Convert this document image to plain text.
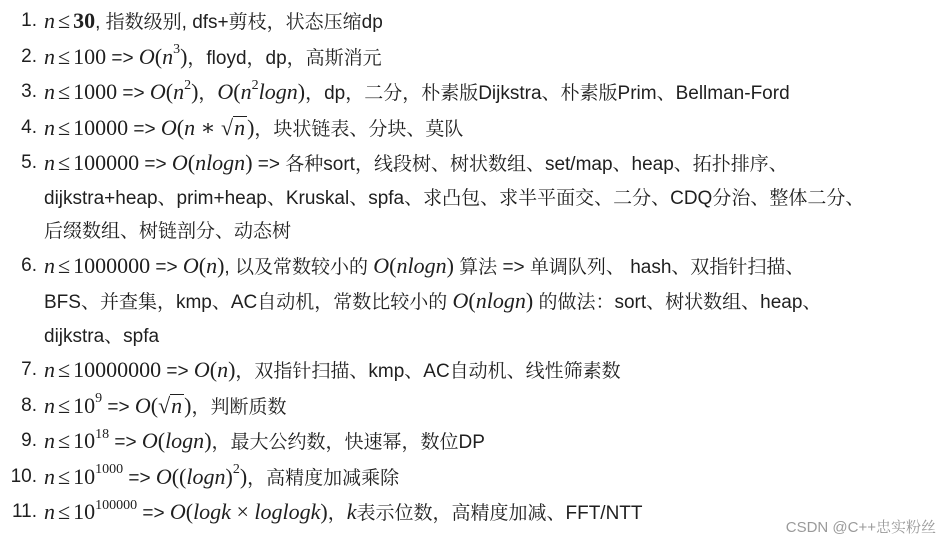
1. n ≤ 30, 指数级别, dfs+剪枝，状态压缩dp
2. $n \le 100 => O(n^3)$，floyd，dp，高斯消元
3. $n \le 1000 => O(n^2)$，$O(n^2\log n)$，dp，二分，朴素版Dijkstra、朴素版Prim、Bellman-Ford
4. n ≤ 10000 => O(n ∗ √n)，块状链表、分块、莫队
5. n ≤ 100000 => O(nlogn) => 各种sort，线段树、树状数组、set/map、heap、拓扑排序、
dijkstra+heap、prim+heap、Kruskal、spfa、求凸包、求半平面交、二分、CDQ分治、整体二分、
后缀数组、树链剖分、动态树
6. n ≤ 1000000 => O(n), 以及常数较小的 O(nlogn) 算法 => 单调队列、 hash、双指针扫描、
BFS、并查集，kmp、AC自动机，常数比较小的 O(nlogn) 的做法：sort、树状数组、heap、
dijkstra、spfa
7. n ≤ 10000000 => O(n)，双指针扫描、kmp、AC自动机、线性筛素数
8. $n \le 10^9 => O(√n)$，判断质数
9. $n \le 10^{18} => O(\log n)$，最大公约数，快速幂，数位DP
10. $n \le 10^{1000} => O((\log n)^2)$，高精度加减乘除
11. $n \le 10^{100000} => O(\log k \times loglogk)$，k表示位数，高精度加减、FFT/NTT
CSDN @C++忠实粉丝
